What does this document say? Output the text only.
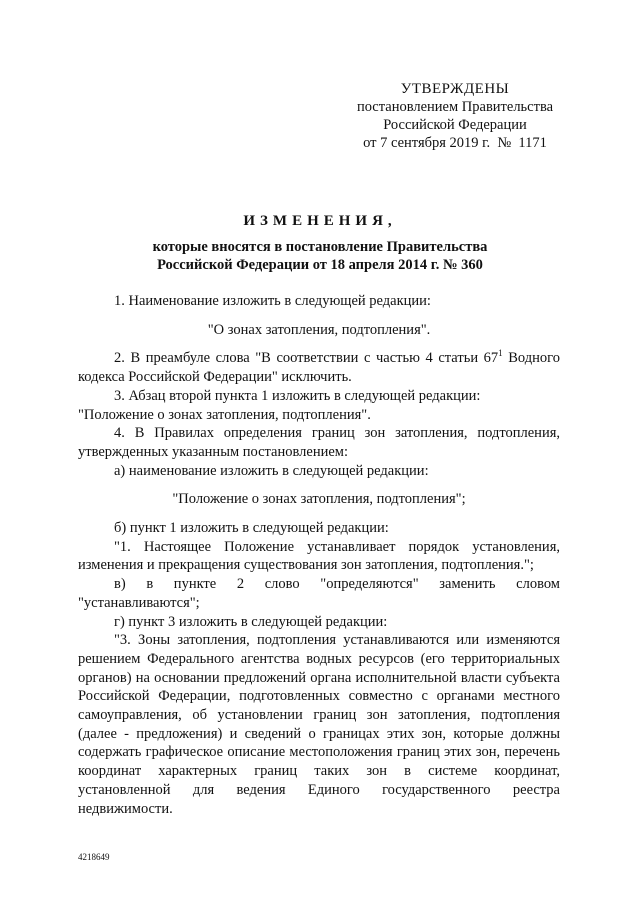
УТВЕРЖДЕНЫ
постановлением Правительства
Российской Федерации
от 7 сентября 2019 г.  №  1171
ИЗМЕНЕНИЯ,
которые вносятся в постановление Правительства
Российской Федерации от 18 апреля 2014 г. № 360

1. Наименование изложить в следующей редакции:

"О зонах затопления, подтопления".

2. В преамбуле слова "В соответствии с частью 4 статьи $67^1$ Водного кодекса Российской Федерации" исключить.

3. Абзац второй пункта 1 изложить в следующей редакции:

"Положение о зонах затопления, подтопления".

4. В Правилах определения границ зон затопления, подтопления, утвержденных указанным постановлением:

а) наименование изложить в следующей редакции:

"Положение о зонах затопления, подтопления";

б) пункт 1 изложить в следующей редакции:

"1. Настоящее Положение устанавливает порядок установления, изменения и прекращения существования зон затопления, подтопления.";

в) в пункте 2 слово "определяются" заменить словом

"устанавливаются";

г) пункт 3 изложить в следующей редакции:

"3. Зоны затопления, подтопления устанавливаются или изменяются решением Федерального агентства водных ресурсов (его территориальных органов) на основании предложений органа исполнительной власти субъекта Российской Федерации, подготовленных совместно с органами местного самоуправления, об установлении границ зон затопления, подтопления (далее - предложения) и сведений о границах этих зон, которые должны содержать графическое описание местоположения границ этих зон, перечень координат характерных границ таких зон в системе координат, установленной для ведения Единого государственного реестра недвижимости.

4218649
